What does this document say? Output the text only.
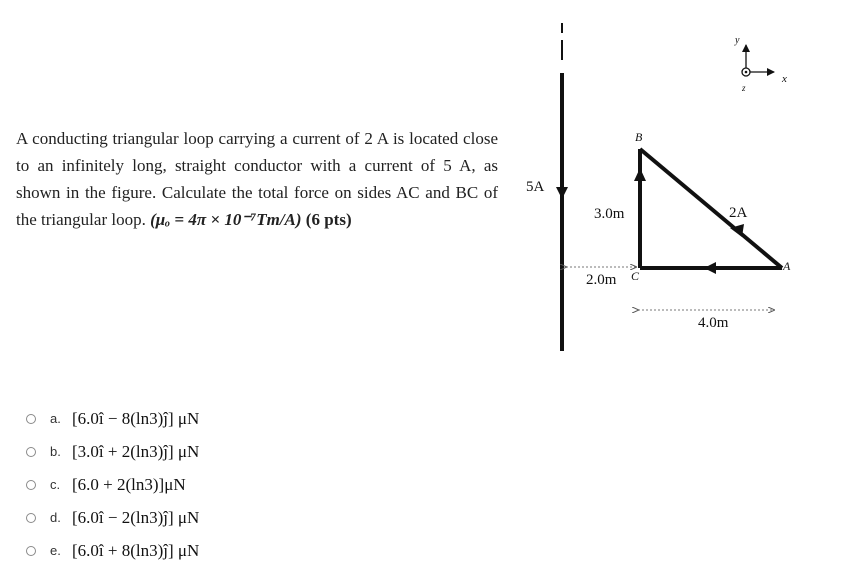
A conducting triangular loop carrying a current of 2 A is located close to an infinitely long, straight conductor with a current of 5 A, as shown in the figure. Calculate the total force on sides AC and BC of the triangular loop. (μₒ = 4π × 10⁻⁷Tm/A) (6 pts)
5A
B
C
A
3.0m	2A
2.0m
4.0m
y
x
z
a. [6.0î − 8(ln3)ĵ] μN
b. [3.0î + 2(ln3)ĵ] μN
c. [6.0 + 2(ln3)]μN
d. [6.0î − 2(ln3)ĵ] μN
e. [6.0î + 8(ln3)ĵ] μN
